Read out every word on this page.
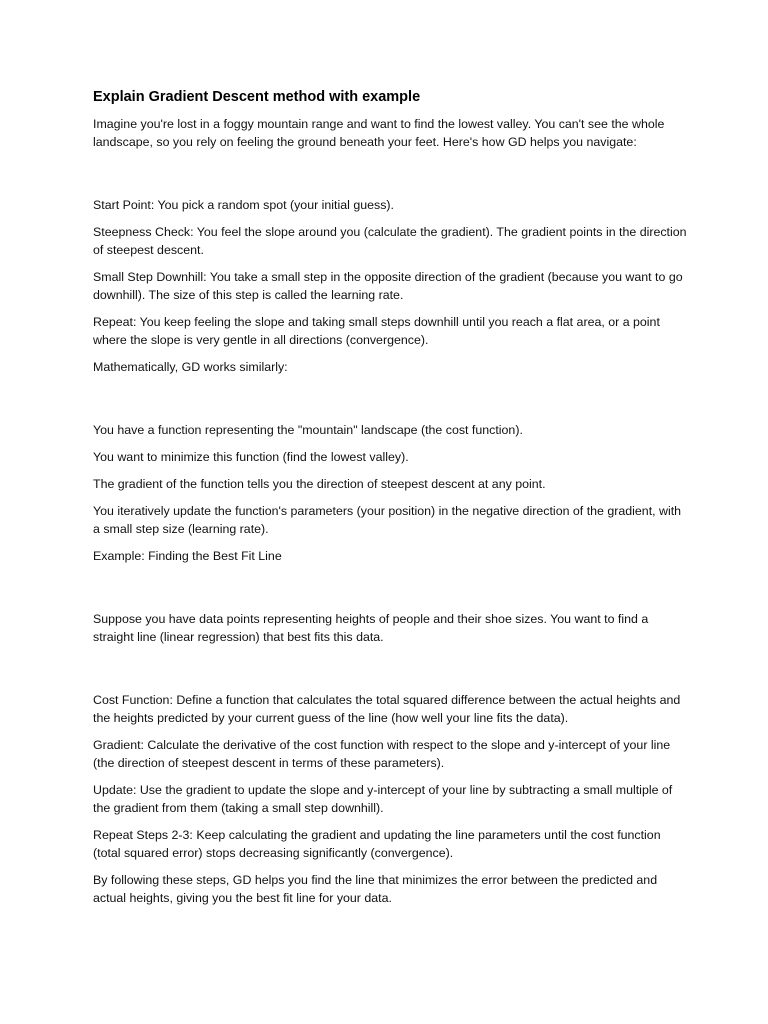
Explain Gradient Descent method with example

Imagine you're lost in a foggy mountain range and want to find the lowest valley. You can't see the whole landscape, so you rely on feeling the ground beneath your feet. Here's how GD helps you navigate:

Start Point: You pick a random spot (your initial guess).

Steepness Check: You feel the slope around you (calculate the gradient). The gradient points in the direction of steepest descent.

Small Step Downhill: You take a small step in the opposite direction of the gradient (because you want to go downhill). The size of this step is called the learning rate.

Repeat: You keep feeling the slope and taking small steps downhill until you reach a flat area, or a point where the slope is very gentle in all directions (convergence).

Mathematically, GD works similarly:

You have a function representing the "mountain" landscape (the cost function).

You want to minimize this function (find the lowest valley).

The gradient of the function tells you the direction of steepest descent at any point.

You iteratively update the function's parameters (your position) in the negative direction of the gradient, with a small step size (learning rate).

Example: Finding the Best Fit Line

Suppose you have data points representing heights of people and their shoe sizes. You want to find a straight line (linear regression) that best fits this data.

Cost Function: Define a function that calculates the total squared difference between the actual heights and the heights predicted by your current guess of the line (how well your line fits the data).

Gradient: Calculate the derivative of the cost function with respect to the slope and y-intercept of your line (the direction of steepest descent in terms of these parameters).

Update: Use the gradient to update the slope and y-intercept of your line by subtracting a small multiple of the gradient from them (taking a small step downhill).

Repeat Steps 2-3: Keep calculating the gradient and updating the line parameters until the cost function (total squared error) stops decreasing significantly (convergence).

By following these steps, GD helps you find the line that minimizes the error between the predicted and actual heights, giving you the best fit line for your data.
